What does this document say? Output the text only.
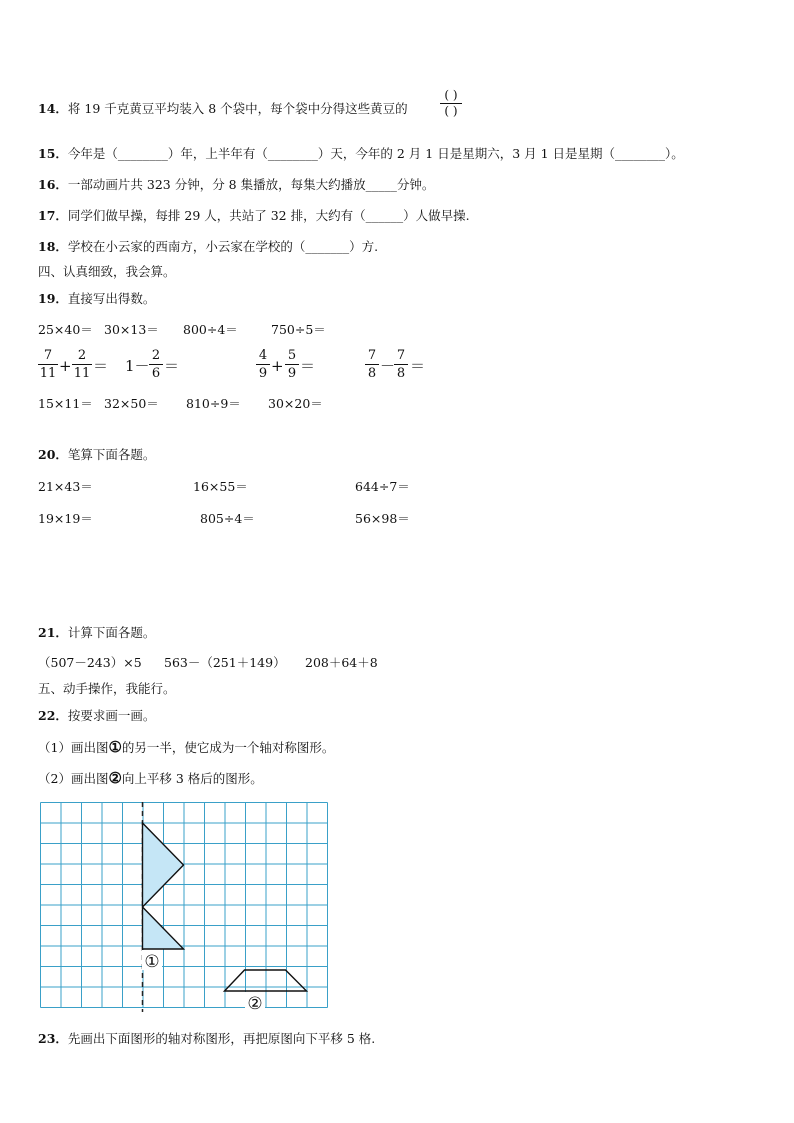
14．将 19 千克黄豆平均装入 8 个袋中，每个袋中分得这些黄豆的
( )
( )
15．今年是（________）年，上半年有（________）天，今年的 2 月 1 日是星期六，3 月 1 日是星期（________）。
16．一部动画片共 323 分钟，分 8 集播放，每集大约播放_____分钟。
17．同学们做早操，每排 29 人，共站了 32 排，大约有（______）人做早操.
18．学校在小云家的西南方，小云家在学校的（_______）方.
四、认真细致，我会算。
19．直接写出得数。
25×40＝ 30×13＝ 800÷4＝	750÷5＝
7
11 +
2
11 ＝ 1－
2
6 ＝
4
9 +
5
9 ＝
7
8 －
7
8 ＝
15×11＝ 32×50＝ 810÷9＝ 30×20＝
20．笔算下面各题。
21×43＝	16×55＝	644÷7＝
19×19＝	805÷4＝	56×98＝
21．计算下面各题。
（507－243）×5 563－（251＋149） 208＋64＋8
五、动手操作，我能行。
22．按要求画一画。
（1）画出图①的另一半，使它成为一个轴对称图形。
（2）画出图②向上平移 3 格后的图形。
①
②
23．先画出下面图形的轴对称图形，再把原图向下平移 5 格.
